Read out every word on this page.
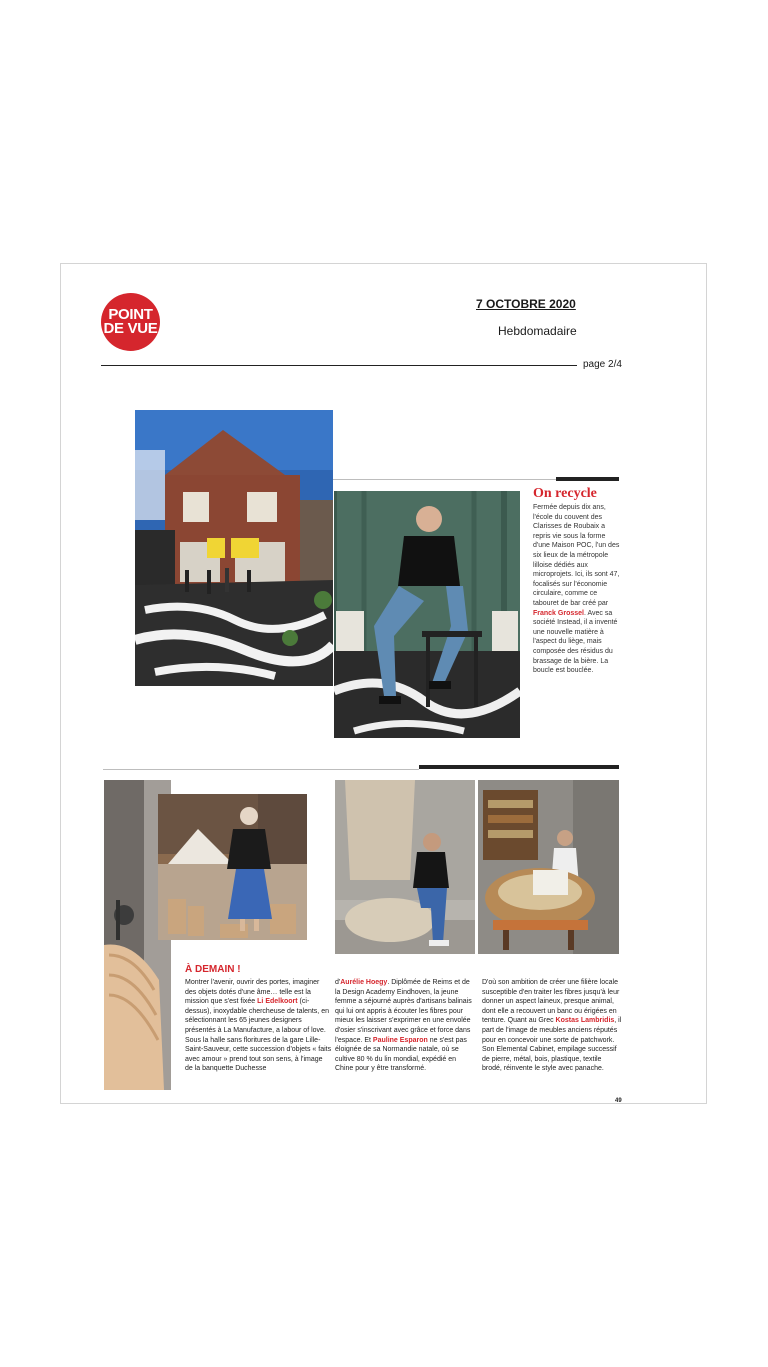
POINT
DE VUE
7 OCTOBRE 2020
Hebdomadaire
page 2/4
On recycle
Fermée depuis dix ans, l'école du couvent des Clarisses de Roubaix a repris vie sous la forme d'une Maison POC, l'un des six lieux de la métropole lilloise dédiés aux microprojets. Ici, ils sont 47, focalisés sur l'économie circulaire, comme ce tabouret de bar créé par Franck Grossel. Avec sa société Instead, il a inventé une nouvelle matière à l'aspect du liège, mais composée des résidus du brassage de la bière. La boucle est bouclée.
À DEMAIN !
Montrer l'avenir, ouvrir des portes, imaginer des objets dotés d'une âme… telle est la mission que s'est fixée Li Edelkoort (ci-dessus), inoxydable chercheuse de talents, en sélectionnant les 65 jeunes designers présentés à La Manufacture, a labour of love. Sous la halle sans floritures de la gare Lille-Saint-Sauveur, cette succession d'objets « faits avec amour » prend tout son sens, à l'image de la banquette Duchesse
d'Aurélie Hoegy. Diplômée de Reims et de la Design Academy Eindhoven, la jeune femme a séjourné auprès d'artisans balinais qui lui ont appris à écouter les fibres pour mieux les laisser s'exprimer en une envolée d'osier s'inscrivant avec grâce et force dans l'espace. Et Pauline Esparon ne s'est pas éloignée de sa Normandie natale, où se cultive 80 % du lin mondial, expédié en Chine pour y être transformé.
D'où son ambition de créer une filière locale susceptible d'en traiter les fibres jusqu'à leur donner un aspect laineux, presque animal, dont elle a recouvert un banc ou érigées en tenture. Quant au Grec Kostas Lambridis, il part de l'image de meubles anciens réputés pour en concevoir une sorte de patchwork. Son Elemental Cabinet, empilage successif de pierre, métal, bois, plastique, textile brodé, réinvente le style avec panache.
49
